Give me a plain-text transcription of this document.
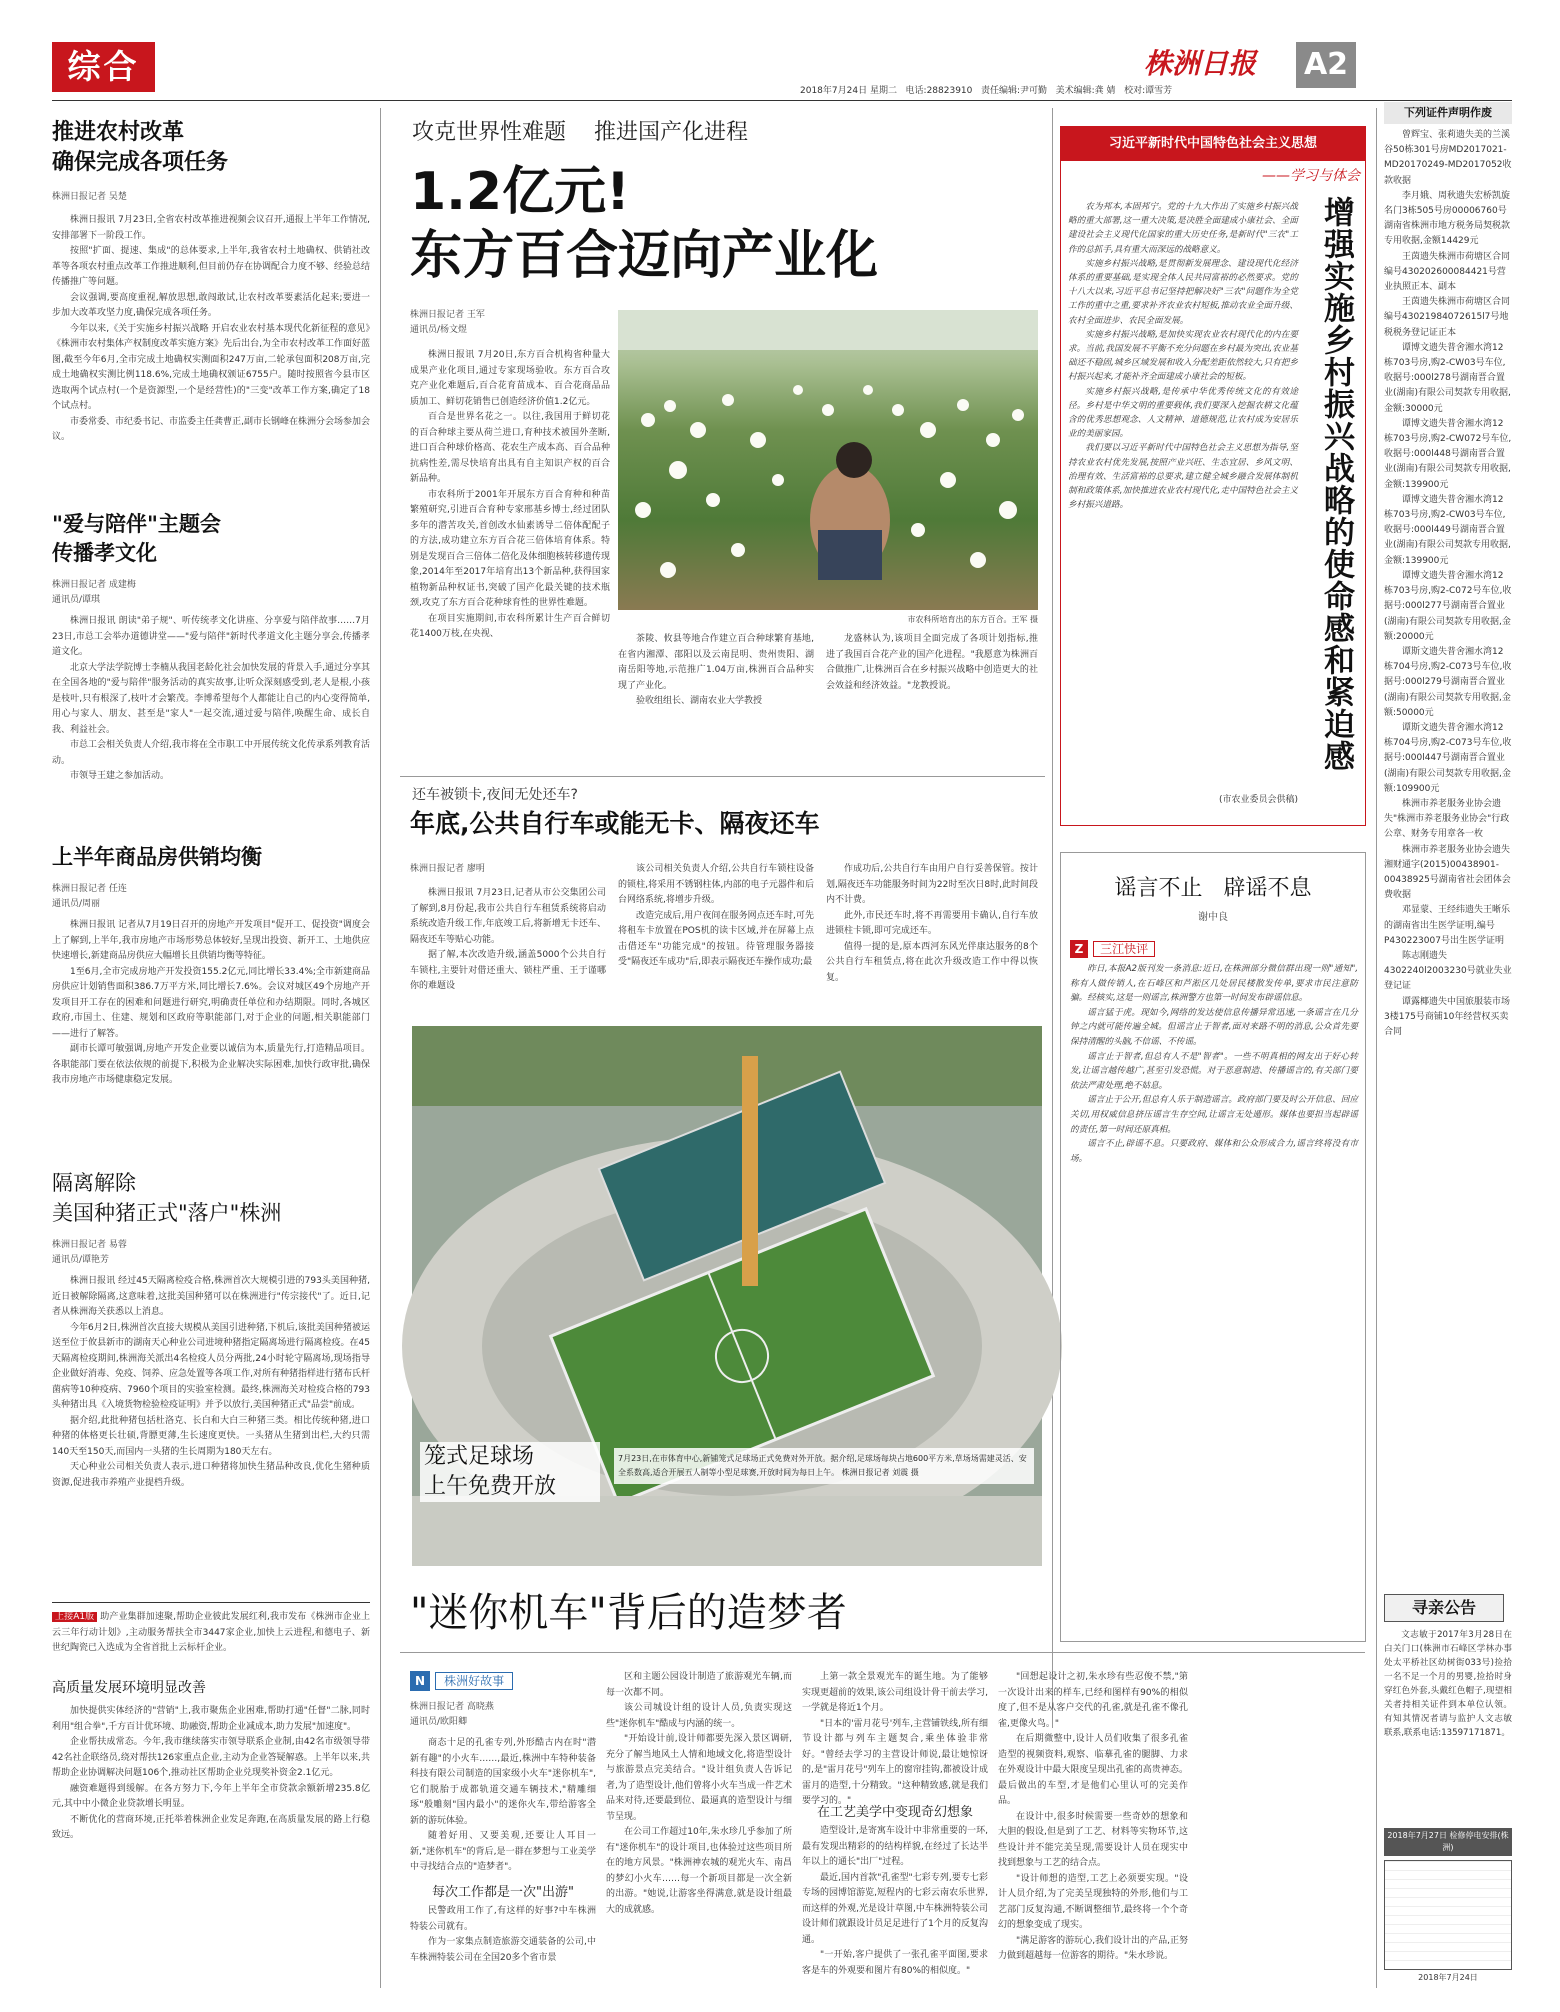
综合	株洲日报	A2
2018年7月24日 星期二 电话:28823910 责任编辑:尹可勤 美术编辑:龚 婧 校对:谭雪芳
推进农村改革
确保完成各项任务
株洲日报记者 吴楚

株洲日报讯 7月23日,全省农村改革推进视频会议召开,通报上半年工作情况,安排部署下一阶段工作。

按照"扩面、提速、集成"的总体要求,上半年,我省农村土地确权、供销社改革等各项农村重点改革工作推进顺利,但目前仍存在协调配合力度不够、经验总结传播推广等问题。

会议强调,要高度重视,解放思想,敢闯敢试,让农村改革要素活化起来;要进一步加大改革攻坚力度,确保完成各项任务。

今年以来,《关于实施乡村振兴战略 开启农业农村基本现代化新征程的意见》《株洲市农村集体产权制度改革实施方案》先后出台,为全市农村改革工作面好蓝图,截至今年6月,全市完成土地确权实测面积247万亩,二轮承包面积208万亩,完成土地确权实测比例118.6%,完成土地确权颁证6755户。随时按照省今县市区选取两个试点村(一个是资源型,一个是经营性)的"三变"改革工作方案,确定了18个试点村。

市委常委、市纪委书记、市监委主任龚曹正,副市长钢峰在株洲分会场参加会议。

"爱与陪伴"主题会
传播孝文化
株洲日报记者 成建梅
通讯员/谭琪

株洲日报讯 朗读"弟子规"、听传统孝文化讲座、分享爱与陪伴故事……7月23日,市总工会举办道德讲堂——"爱与陪伴"新时代孝道文化主题分享会,传播孝道文化。

北京大学法学院博士李楠从我国老龄化社会加快发展的背景入手,通过分享其在全国各地的"爱与陪伴"服务活动的真实故事,让听众深刻感受到,老人是根,小孩是枝叶,只有根深了,枝叶才会繁茂。李博希望每个人都能让自己的内心变得简单,用心与家人、朋友、甚至是"家人"一起交流,通过爱与陪伴,唤醒生命、成长自我、利益社会。

市总工会相关负责人介绍,我市将在全市职工中开展传统文化传承系列教育活动。

市领导王建之参加活动。

上半年商品房供销均衡
株洲日报记者 任连
通讯员/周丽

株洲日报讯 记者从7月19日召开的房地产开发项目"促开工、促投资"调度会上了解到,上半年,我市房地产市场形势总体较好,呈现出投资、新开工、土地供应快速增长,新建商品房供应大幅增长且供销均衡等特征。

1至6月,全市完成房地产开发投资155.2亿元,同比增长33.4%;全市新建商品房供应计划销售面积386.7万平方米,同比增长7.6%。会议对城区49个房地产开发项目开工存在的困难和问题进行研究,明确责任单位和办结期限。同时,各城区政府,市国土、住建、规划和区政府等职能部门,对于企业的问题,相关职能部门——进行了解答。

副市长谭可敏强调,房地产开发企业要以诚信为本,质量先行,打造精品项目。各职能部门要在依法依规的前提下,积极为企业解决实际困难,加快行政审批,确保我市房地产市场健康稳定发展。

隔离解除
美国种猪正式"落户"株洲
株洲日报记者 易蓉
通讯员/谭艳芳

株洲日报讯 经过45天隔离检疫合格,株洲首次大规模引进的793头美国种猪,近日被解除隔离,这意味着,这批美国种猪可以在株洲进行"传宗接代"了。近日,记者从株洲海关获悉以上消息。

今年6月2日,株洲首次直接大规模从美国引进种猪,下机后,该批美国种猪被运送至位于攸县新市的湖南天心种业公司进境种猪指定隔离场进行隔离检疫。在45天隔离检疫期间,株洲海关派出4名检疫人员分两批,24小时轮守隔离场,现场指导企业做好消毒、免疫、饲养、应急处置等各项工作,对所有种猪指样进行猪布氏杆菌病等10种疫病、7960个项目的实验室检测。最终,株洲海关对检疫合格的793头种猪出具《入境货物检验检疫证明》并予以放行,美国种猪正式"品尝"前成。

据介绍,此批种猪包括杜洛克、长白和大白三种猪三类。相比传统种猪,进口种猪的体格更长壮硕,背膘更薄,生长速度更快。一头猪从生猪到出栏,大约只需140天至150天,而国内一头猪的生长周期为180天左右。

天心种业公司相关负责人表示,进口种猪将加快生猪品种改良,优化生猪种质资源,促进我市养殖产业提档升级。

上接A1版 助产业集群加速聚,帮助企业彼此发展红利,我市发布《株洲市企业上云三年行动计划》,主动服务帮扶全市3447家企业,加快上云进程,和德电子、新世纪陶瓷已入选成为全省首批上云标杆企业。
高质量发展环境明显改善

加快提供实体经济的"营销"上,我市聚焦企业困难,帮助打通"任督"二脉,同时利用"组合拳",千方百计优环境、助融资,帮助企业减成本,助力发展"加速度"。

企业帮扶成常态。今年,我市继续落实市领导联系企业制,由42名市级领导带42名社企联络员,绕对帮扶126家重点企业,主动为企业答疑解惑。上半年以来,共帮助企业协调解决问题106个,推动社区帮助企业兑现奖补资金2.1亿元。

融资难题得到缓解。在各方努力下,今年上半年全市贷款余额新增235.8亿元,其中中小微企业贷款增长明显。

不断优化的营商环境,正托举着株洲企业发足奔跑,在高质量发展的路上行稳致远。

攻克世界性难题    推进国产化进程
1.2亿元!
东方百合迈向产业化
株洲日报记者 王军
通讯员/杨文煜

株洲日报讯 7月20日,东方百合机构省种量大成果产业化项目,通过专家现场验收。东方百合攻克产业化难题后,百合花育苗成本、百合花商品品质加工、鲜切花销售已创造经济价值1.2亿元。

百合是世界名花之一。以往,我国用于鲜切花的百合种球主要从荷兰进口,育种技术被国外垄断,进口百合种球价格高、花农生产成本高、百合品种抗病性差,需尽快培育出具有自主知识产权的百合新品种。

市农科所于2001年开展东方百合育种和种苗繁殖研究,引进百合育种专家邢基乡博士,经过团队多年的潜苦攻关,首创改水仙素诱导二倍体配配子的方法,成功建立东方百合花三倍体培育体系。特别是发现百合三倍体二倍化及体细胞核转移遗传现象,2014年至2017年培育出13个新品种,获得国家植物新品种权证书,突破了国产化最关键的技术瓶颈,攻克了东方百合花种球育性的世界性难题。

在项目实施期间,市农科所累计生产百合鲜切花1400万枝,在央视、

市农科所培育出的东方百合。王军 摄

茶陵、攸县等地合作建立百合种球繁育基地,在省内湘潭、邵阳以及云南昆明、贵州贵阳、湖南岳阳等地,示范推广1.04万亩,株洲百合品种实现了产业化。

验收组组长、湖南农业大学教授

龙盛林认为,该项目全面完成了各项计划指标,推进了我国百合花产业的国产化进程。"我愿意为株洲百合做推广,让株洲百合在乡村振兴战略中创造更大的社会效益和经济效益。"龙教授说。

还车被锁卡,夜间无处还车?
年底,公共自行车或能无卡、隔夜还车
株洲日报记者 廖明

株洲日报讯 7月23日,记者从市公交集团公司了解到,8月份起,我市公共自行车租赁系统将启动系统改造升级工作,年底竣工后,将新增无卡还车、隔夜还车等贴心功能。

据了解,本次改造升级,涵盖5000个公共自行车锁柱,主要针对借还重大、锁柱严重、王于谨哪你的难题设

该公司相关负责人介绍,公共自行车锁柱设备的锁柱,将采用不锈钢柱体,内部的电子元器件和后台网络系统,将增步升级。

改造完成后,用户夜间在服务网点还车时,可先将租车卡放置在POS机的读卡区域,并在屏幕上点击借还车"功能完成"的按钮。待管理服务器接受"隔夜还车成功"后,即表示隔夜还车操作成功;最

作成功后,公共自行车由用户自行妥善保管。按计划,隔夜还车功能服务时间为22时至次日8时,此时间段内不计费。

此外,市民还车时,将不再需要用卡确认,自行车放进锁柱卡锁,即可完成还车。

值得一提的是,原本西河东风光伴康达服务的8个公共自行车租赁点,将在此次升级改造工作中得以恢复。

笼式足球场
上午免费开放
7月23日,在市体育中心,新铺笼式足球场正式免费对外开放。据介绍,足球场每块占地600平方米,草场场需建灵活、安全系数高,适合开展五人制等小型足球赛,开放时间为每日上午。 株洲日报记者 刘震 摄
"迷你机车"背后的造梦者
N 株洲好故事
株洲日报记者 高晓燕
通讯员/欧阳卿

商态十足的孔雀专列,外形酷古内在时"潜新有趣"的小火车……,最近,株洲中车特种装备科技有限公司制造的国家级小火车"迷你机车",它们脱胎于成都轨道交通车辆技术,"精雕细琢"般雕刻"国内最小"的迷你火车,带给游客全新的游玩体验。

随着好用、又要美观,还要让人耳目一新,"迷你机车"的背后,是一群在梦想与工业美学中寻找结合点的"造梦者"。

每次工作都是一次"出游"

民警政用工作了,有这样的好事?中车株洲特装公司就有。

作为一家集点制造旅游交通装备的公司,中车株洲特装公司在全国20多个省市景

区和主题公园设计制造了旅游观光车辆,而每一次都不同。

该公司城设计组的设计人员,负责实现这些"迷你机车"酷成与内涵的统一。

"开始设计前,设计师都要先深入景区调研,充分了解当地风土人情和地域文化,将造型设计与旅游景点完美结合。"设计组负责人告诉记者,为了造型设计,他们曾将小火车当成一件艺术品来对待,还要最到位、最逼真的造型设计与细节呈现。

在公司工作超过10年,朱水珍几乎参加了所有"迷你机车"的设计项目,也体验过这些项目所在的地方风景。"株洲神农城的观光火车、南昌的梦幻小火车……每一个新项目都是一次全新的出游。"她说,让游客坐得满意,就是设计组最大的成就感。

上第一款全景观光车的诞生地。为了能够实现更超前的效果,该公司组设计骨干前去学习,一学就是将近1个月。

"日本的'雷月花号'列车,主营铺铁线,所有细节设计都与列车主题契合,乘坐体验非常好。"曾经去学习的主营设计师说,最让她惊讶的,是"雷月花号"列车上的窗帘挂钩,都被设计成雷月的造型,十分精致。"这种精致感,就是我们要学习的。"

在工艺美学中变现奇幻想象

造型设计,是寄寓车设计中非常重要的一环,最有发现出精彩的的结构样貌,在经过了长达半年以上的通长"出厂"过程。

最近,国内首款"孔雀型"七彩专列,要专七彩专场的园博馆游览,短程内的七彩云南农乐世界,而这样的外观,光是设计草图,中车株洲特装公司设计师们就跟设计员足足进行了1个月的反复沟通。

"一开始,客户提供了一张孔雀平面图,要求客是车的外观要和图片有80%的相似度。"

"回想起设计之初,朱水珍有些忍俊不禁,"第一次设计出来的样车,已经和图样有90%的相似度了,但不是从客户交代的孔雀,就是孔雀不像孔雀,更像火鸟。"

在后期微整中,设计人员们收集了很多孔雀造型的视频资料,观察、临摹孔雀的腿脚、力求在外观设计中最大限度呈现出孔雀的高贵神态。最后做出的车型,才是他们心里认可的完美作品。

在设计中,很多时候需要一些奇妙的想象和大胆的假设,但是到了工艺、材料等实物环节,这些设计并不能完美呈现,需要设计人员在现实中找到想象与工艺的结合点。

"设计师想的造型,工艺上必须要实现。"设计人员介绍,为了完美呈现独特的外形,他们与工艺部门反复沟通,不断调整细节,最终将一个个奇幻的想象变成了现实。

"满足游客的游玩心,我们设计出的产品,正努力做到超越每一位游客的期待。"朱水珍说。

习近平新时代中国特色社会主义思想
——学习与体会
增强实施乡村振兴战略的使命感和紧迫感

农为邦本,本固邦宁。党的十九大作出了实施乡村振兴战略的重大部署,这一重大决策,是决胜全面建成小康社会、全面建设社会主义现代化国家的重大历史任务,是新时代"三农"工作的总抓手,具有重大而深远的战略意义。

实施乡村振兴战略,是贯彻新发展理念、建设现代化经济体系的重要基础,是实现全体人民共同富裕的必然要求。党的十八大以来,习近平总书记坚持把解决好"三农"问题作为全党工作的重中之重,要求补齐农业农村短板,推动农业全面升级、农村全面进步、农民全面发展。

实施乡村振兴战略,是加快实现农业农村现代化的内在要求。当前,我国发展不平衡不充分问题在乡村最为突出,农业基础还不稳固,城乡区域发展和收入分配差距依然较大,只有把乡村振兴起来,才能补齐全面建成小康社会的短板。

实施乡村振兴战略,是传承中华优秀传统文化的有效途径。乡村是中华文明的重要载体,我们要深入挖掘农耕文化蕴含的优秀思想观念、人文精神、道德规范,让农村成为安居乐业的美丽家园。

我们要以习近平新时代中国特色社会主义思想为指导,坚持农业农村优先发展,按照产业兴旺、生态宜居、乡风文明、治理有效、生活富裕的总要求,建立健全城乡融合发展体制机制和政策体系,加快推进农业农村现代化,走中国特色社会主义乡村振兴道路。

(市农业委员会供稿)
谣言不止   辟谣不息
谢中良
Z 三江快评

昨日,本报A2版刊发一条消息:近日,在株洲部分微信群出现一则"通知",称有人做传销人,在石峰区和芦淞区几处居民楼散发传单,要求市民注意防骗。经核实,这是一则谣言,株洲警方也第一时间发布辟谣信息。

谣言猛于虎。现如今,网络的发达使信息传播异常迅速,一条谣言在几分钟之内就可能传遍全城。但谣言止于智者,面对来路不明的消息,公众首先要保持清醒的头脑,不信谣、不传谣。

谣言止于智者,但总有人不是"智者"。一些不明真相的网友出于好心转发,让谣言越传越广,甚至引发恐慌。对于恶意制造、传播谣言的,有关部门要依法严肃处理,绝不姑息。

谣言止于公开,但总有人乐于制造谣言。政府部门要及时公开信息、回应关切,用权威信息挤压谣言生存空间,让谣言无处遁形。媒体也要担当起辟谣的责任,第一时间还原真相。

谣言不止,辟谣不息。只要政府、媒体和公众形成合力,谣言终将没有市场。

下列证件声明作废
曾辉宝、张莉遗失美的兰溪谷50栋301号房MD2017021-MD20170249-MD2017052收款收据
李月娥、周秋遗失宏桥凯旋名门3栋505号房00006760号湖南省株洲市地方税务局契税款专用收据,金额14429元
王茵遗失株洲市荷塘区合同编号430202600084421号营业执照正本、副本
王茵遗失株洲市荷塘区合同编号43021984072615l7号地税税务登记证正本
谭博文遗失普舍湘水湾12栋703号房,购2-CW03号车位,收据号:000l278号湖南晋合置业(湖南)有限公司契款专用收据,金额:30000元
谭博文遗失普舍湘水湾12栋703号房,购2-CW072号车位,收据号:000l448号湖南晋合置业(湖南)有限公司契款专用收据,金额:139900元
谭博文遗失普舍湘水湾12栋703号房,购2-CW03号车位,收据号:000l449号湖南晋合置业(湖南)有限公司契款专用收据,金额:139900元
谭博文遗失普舍湘水湾12栋703号房,购2-C072号车位,收据号:000l277号湖南晋合置业(湖南)有限公司契款专用收据,金额:20000元
谭斯文遗失普舍湘水湾12栋704号房,购2-C073号车位,收据号:000l279号湖南晋合置业(湖南)有限公司契款专用收据,金额:50000元
谭斯文遗失普舍湘水湾12栋704号房,购2-C073号车位,收据号:000l447号湖南晋合置业(湖南)有限公司契款专用收据,金额:109900元
株洲市养老服务业协会遗失"株洲市养老服务业协会"行政公章、财务专用章各一枚
株洲市养老服务业协会遗失湘财通字(2015)00438901-00438925号湖南省社会团体会费收据
邓显蒙、王经纬遗失王晰乐的湖南省出生医学证明,编号P430223007号出生医学证明
陈志刚遗失4302240l2003230号就业失业登记证
谭露椰遗失中国旅服装市场3楼175号商铺10年经营权买卖合同
寻亲公告

文志敏于2017年3月28日在白关门口(株洲市石峰区学林办事处太平桥社区幼树街033号)捡拾一名不足一个月的男婴,捡拾时身穿红色外套,头戴红色帽子,现望相关者持相关证件到本单位认领。有知其情况者请与监护人文志敏联系,联系电话:13597171871。

2018年7月27日 检修停电安排(株洲)
2018年7月24日
